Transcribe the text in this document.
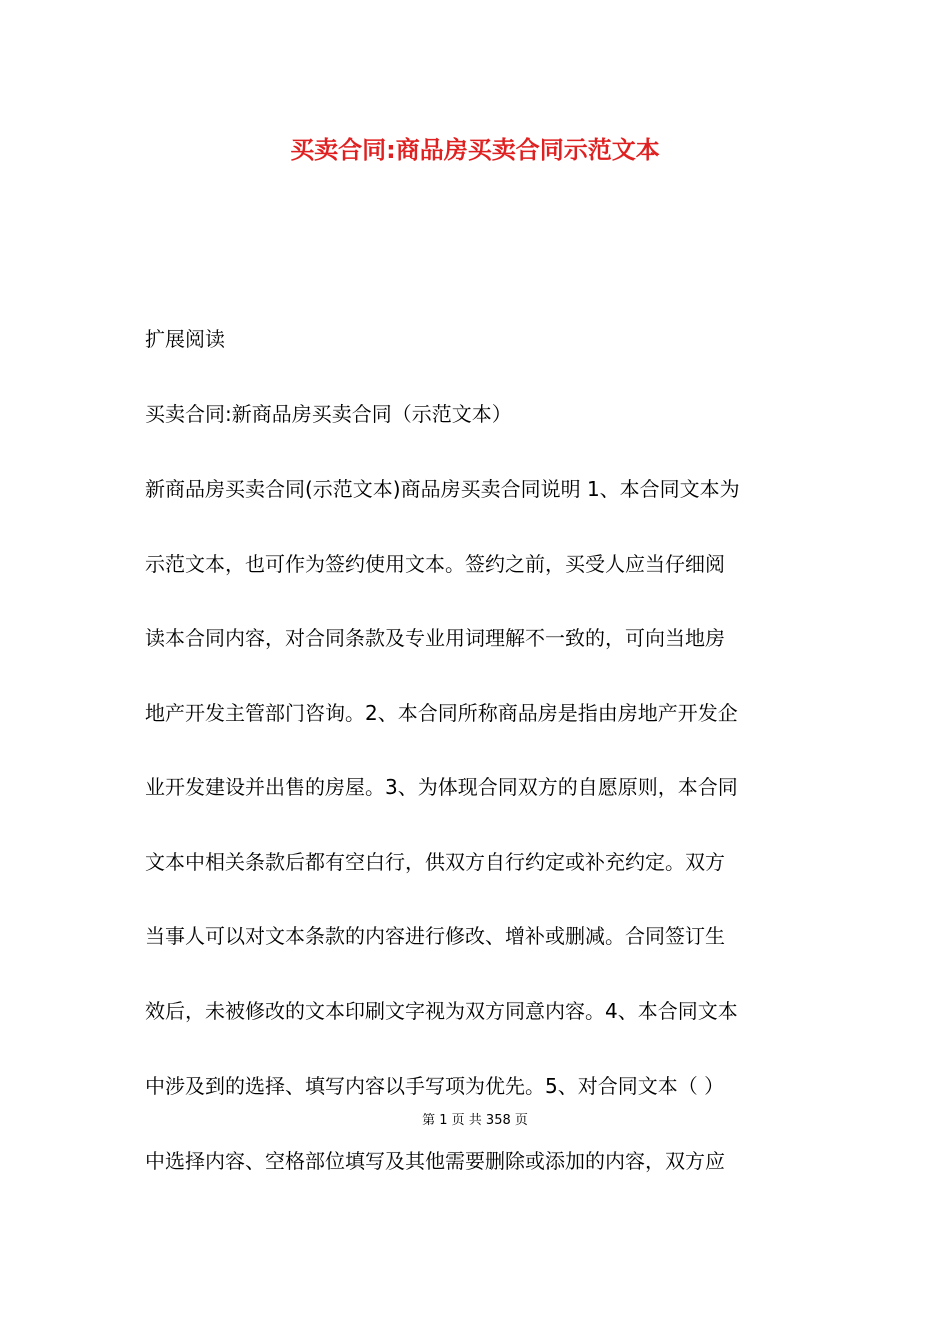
买卖合同:商品房买卖合同示范文本

扩展阅读

买卖合同:新商品房买卖合同（示范文本）

新商品房买卖合同(示范文本)商品房买卖合同说明 1、本合同文本为

示范文本，也可作为签约使用文本。签约之前，买受人应当仔细阅

读本合同内容，对合同条款及专业用词理解不一致的，可向当地房

地产开发主管部门咨询。2、本合同所称商品房是指由房地产开发企

业开发建设并出售的房屋。3、为体现合同双方的自愿原则，本合同

文本中相关条款后都有空白行，供双方自行约定或补充约定。双方

当事人可以对文本条款的内容进行修改、增补或删减。合同签订生

效后，未被修改的文本印刷文字视为双方同意内容。4、本合同文本

中涉及到的选择、填写内容以手写项为优先。5、对合同文本（ ）

中选择内容、空格部位填写及其他需要删除或添加的内容，双方应

第 1 页 共 358 页
